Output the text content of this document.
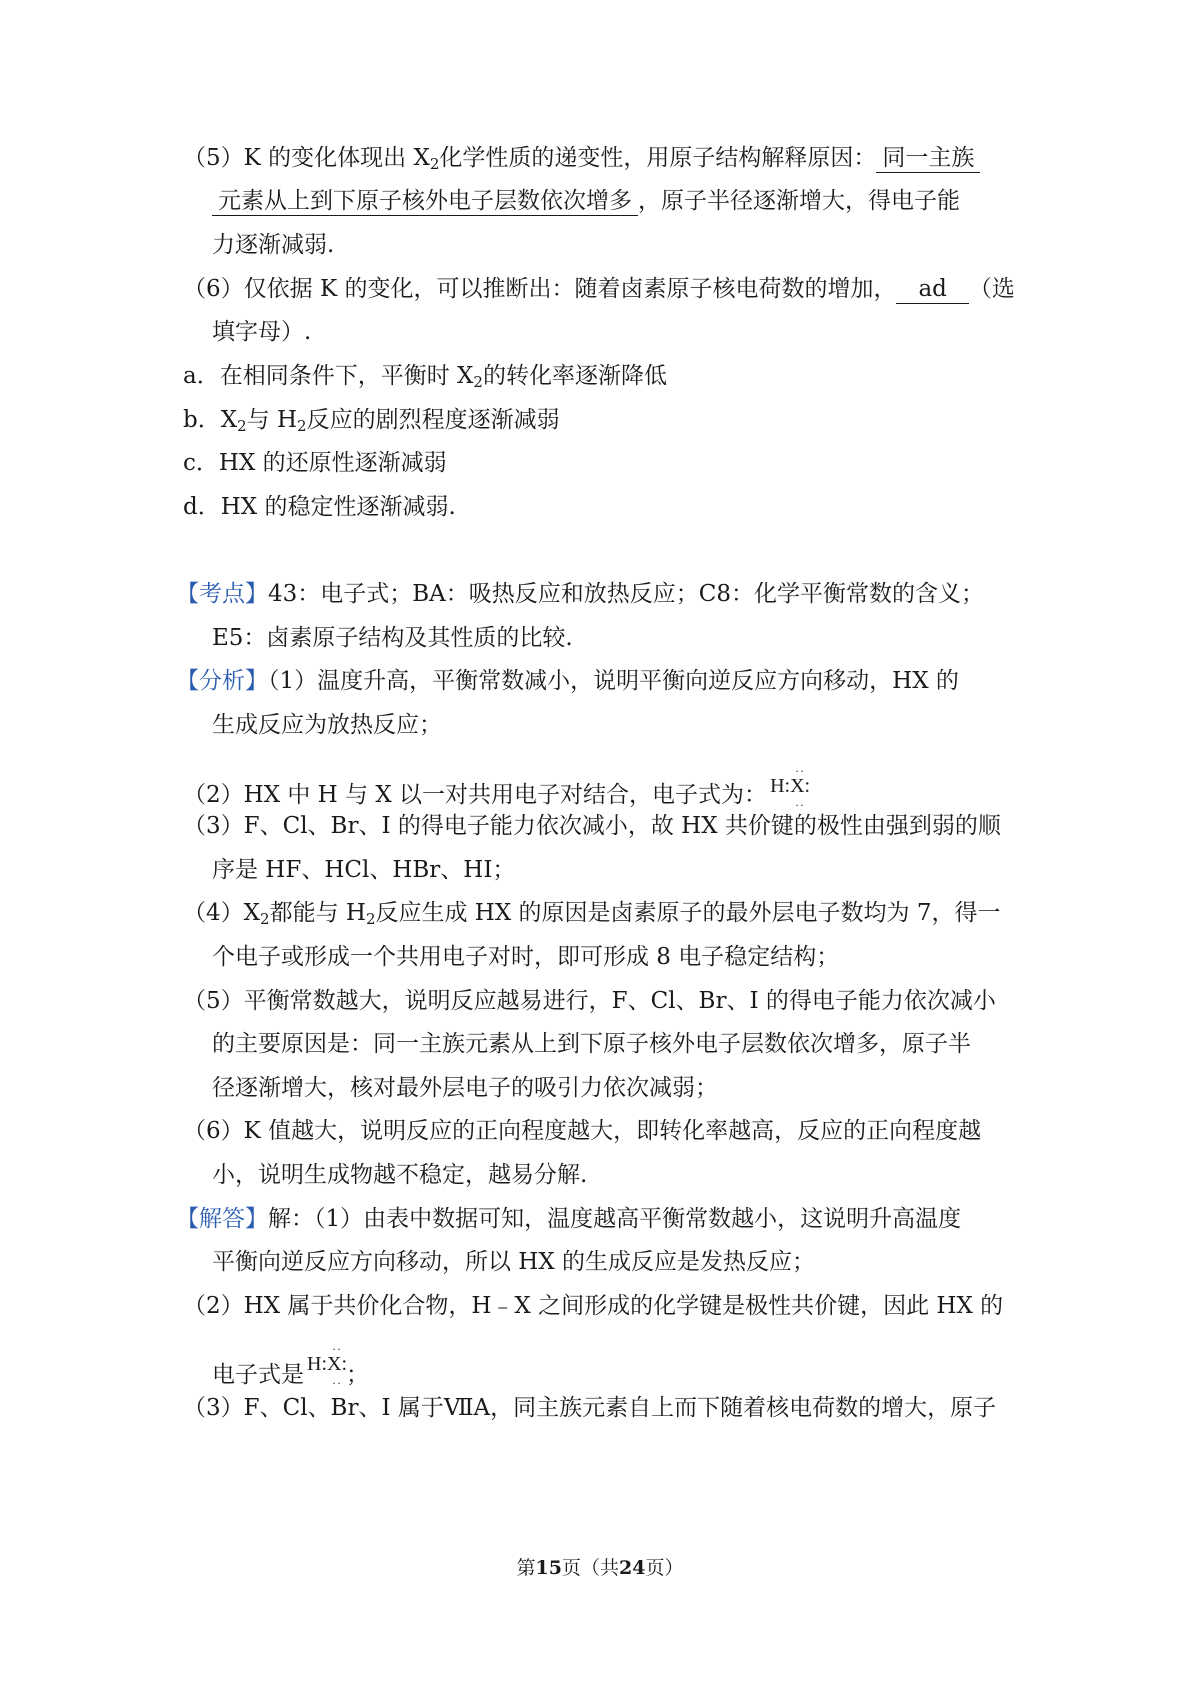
（5）K 的变化体现出 $X_2$化学性质的递变性，用原子结构解释原因： 同一主族
元素从上到下原子核外电子层数依次增多 ，原子半径逐渐增大，得电子能
力逐渐减弱.
（6）仅依据 K 的变化，可以推断出：随着卤素原子核电荷数的增加， ad （选
填字母）.
a．在相同条件下，平衡时 $X_2$的转化率逐渐降低
b．$X_2$与 $H_2$反应的剧烈程度逐渐减弱
c．HX 的还原性逐渐减弱
d．HX 的稳定性逐渐减弱.
【考点】43：电子式；BA：吸热反应和放热反应；C8：化学平衡常数的含义；
E5：卤素原子结构及其性质的比较.
【分析】（1）温度升高，平衡常数减小，说明平衡向逆反应方向移动，HX 的
生成反应为放热反应；
（2）HX 中 H 与 X 以一对共用电子对结合，电子式为：
··
H:X:
··
（3）F、Cl、Br、I 的得电子能力依次减小，故 HX 共价键的极性由强到弱的顺
序是 HF、HCl、HBr、HI；
$(4)X_2$都能与 $H_2$反应生成 HX 的原因是卤素原子的最外层电子数均为 7，得一
个电子或形成一个共用电子对时，即可形成 8 电子稳定结构；
（5）平衡常数越大，说明反应越易进行，F、Cl、Br、I 的得电子能力依次减小
的主要原因是：同一主族元素从上到下原子核外电子层数依次增多，原子半
径逐渐增大，核对最外层电子的吸引力依次减弱；
（6）K 值越大，说明反应的正向程度越大，即转化率越高，反应的正向程度越
小，说明生成物越不稳定，越易分解.
【解答】解：（1）由表中数据可知，温度越高平衡常数越小，这说明升高温度
平衡向逆反应方向移动，所以 HX 的生成反应是发热反应；
（2）HX 属于共价化合物，H﹣X 之间形成的化学键是极性共价键，因此 HX 的
电子式是
··
H:X:
·· ；
（3）F、Cl、Br、I 属于ⅦA，同主族元素自上而下随着核电荷数的增大，原子
第15页（共24页）
